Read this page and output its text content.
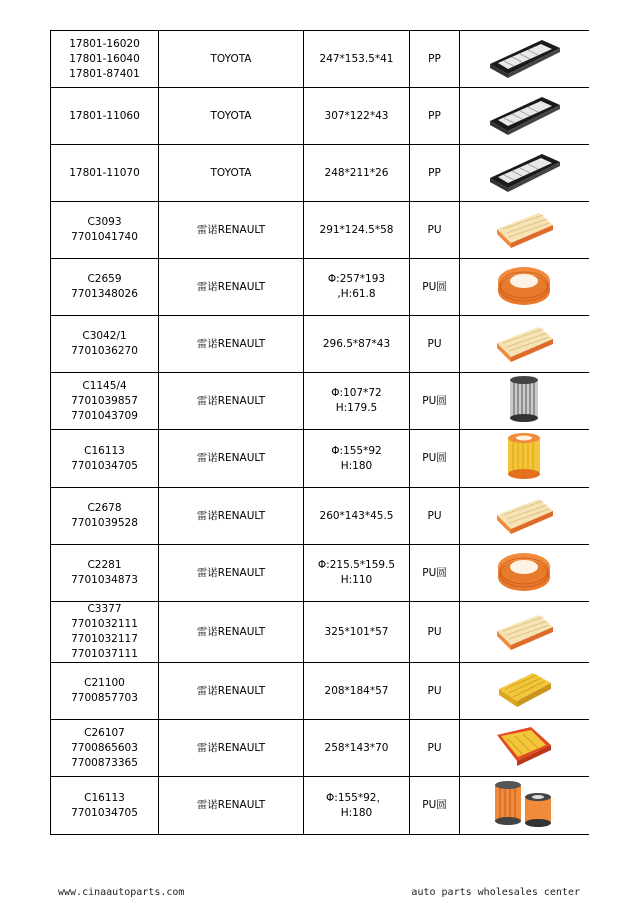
17801-16020
17801-16040
17801-87401	TOYOTA	247*153.5*41	PP	

17801-11060	TOYOTA	307*122*43	PP	

17801-11070	TOYOTA	248*211*26	PP	

C3093
7701041740	雷诺RENAULT	291*124.5*58	PU	

C2659
7701348026	雷诺RENAULT	Φ:257*193
,H:61.8	PU圆	

C3042/1
7701036270	雷诺RENAULT	296.5*87*43	PU	

C1145/4
7701039857
7701043709	雷诺RENAULT	Φ:107*72
H:179.5	PU圆	

C16113
7701034705	雷诺RENAULT	Φ:155*92
H:180	PU圆	

C2678
7701039528	雷诺RENAULT	260*143*45.5	PU	

C2281
7701034873	雷诺RENAULT	Φ:215.5*159.5
H:110	PU圆	

C3377
7701032111
7701032117
7701037111	雷诺RENAULT	325*101*57	PU	

C21100
7700857703	雷诺RENAULT	208*184*57	PU	

C26107
7700865603
7700873365	雷诺RENAULT	258*143*70	PU	

C16113
7701034705	雷诺RENAULT	Φ:155*92，
H:180	PU圆	
www.cinaautoparts.com	auto parts wholesales center
